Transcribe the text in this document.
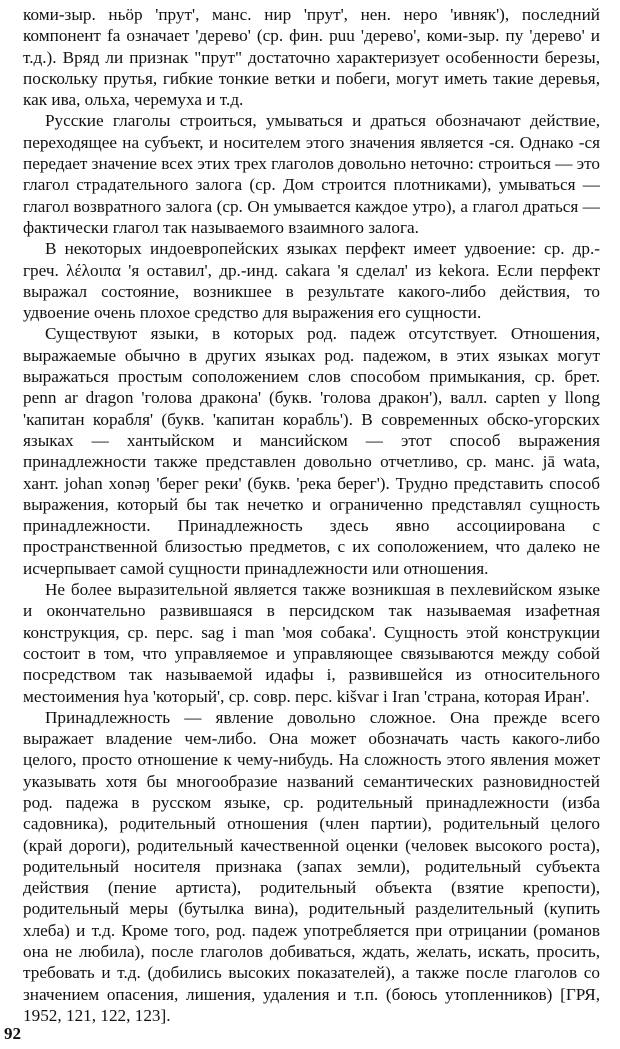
коми-зыр. ньӧр 'прут', манс. нир 'прут', нен. неро 'ивняк'), последний компонент fa означает 'дерево' (ср. фин. puu 'дерево', коми-зыр. пу 'дерево' и т.д.). Вряд ли признак "прут" достаточно характеризует особенности березы, поскольку прутья, гибкие тонкие ветки и побеги, могут иметь такие деревья, как ива, ольха, черемуха и т.д.

Русские глаголы строиться, умываться и драться обозначают действие, переходящее на субъект, и носителем этого значения является -ся. Однако -ся передает значение всех этих трех глаголов довольно неточно: строиться — это глагол страдательного залога (ср. Дом строится плотниками), умываться — глагол возвратного залога (ср. Он умывается каждое утро), а глагол драться — фактически глагол так называемого взаимного залога.

В некоторых индоевропейских языках перфект имеет удвоение: ср. др.-греч. λέλοιπα 'я оставил', др.-инд. cakara 'я сделал' из kekora. Если перфект выражал состояние, возникшее в результате какого-либо действия, то удвоение очень плохое средство для выражения его сущности.

Существуют языки, в которых род. падеж отсутствует. Отношения, выражаемые обычно в других языках род. падежом, в этих языках могут выражаться простым соположением слов способом примыкания, ср. брет. penn ar dragon 'голова дракона' (букв. 'голова дракон'), валл. capten y llong 'капитан корабля' (букв. 'капитан корабль'). В современных обско-угорских языках — хантыйском и мансийском — этот способ выражения принадлежности также представлен довольно отчетливо, ср. манс. jā wata, хант. johan xonəŋ 'берег реки' (букв. 'река берег'). Трудно представить способ выражения, который бы так нечетко и ограниченно представлял сущность принадлежности. Принадлежность здесь явно ассоциирована с пространственной близостью предметов, с их соположением, что далеко не исчерпывает самой сущности принадлежности или отношения.

Не более выразительной является также возникшая в пехлевийском языке и окончательно развившаяся в персидском так называемая изафетная конструкция, ср. перс. sag i man 'моя собака'. Сущность этой конструкции состоит в том, что управляемое и управляющее связываются между собой посредством так называемой идафы i, развившейся из относительного местоимения hya 'который', ср. совр. перс. kišvar i Iran 'страна, которая Иран'.

Принадлежность — явление довольно сложное. Она прежде всего выражает владение чем-либо. Она может обозначать часть какого-либо целого, просто отношение к чему-нибудь. На сложность этого явления может указывать хотя бы многообразие названий семантических разновидностей род. падежа в русском языке, ср. родительный принадлежности (изба садовника), родительный отношения (член партии), родительный целого (край дороги), родительный качественной оценки (человек высокого роста), родительный носителя признака (запах земли), родительный субъекта действия (пение артиста), родительный объекта (взятие крепости), родительный меры (бутылка вина), родительный разделительный (купить хлеба) и т.д. Кроме того, род. падеж употребляется при отрицании (романов она не любила), после глаголов добиваться, ждать, желать, искать, просить, требовать и т.д. (добились высоких показателей), а также после глаголов со значением опасения, лишения, удаления и т.п. (боюсь утопленников) [ГРЯ, 1952, 121, 122, 123].

92
